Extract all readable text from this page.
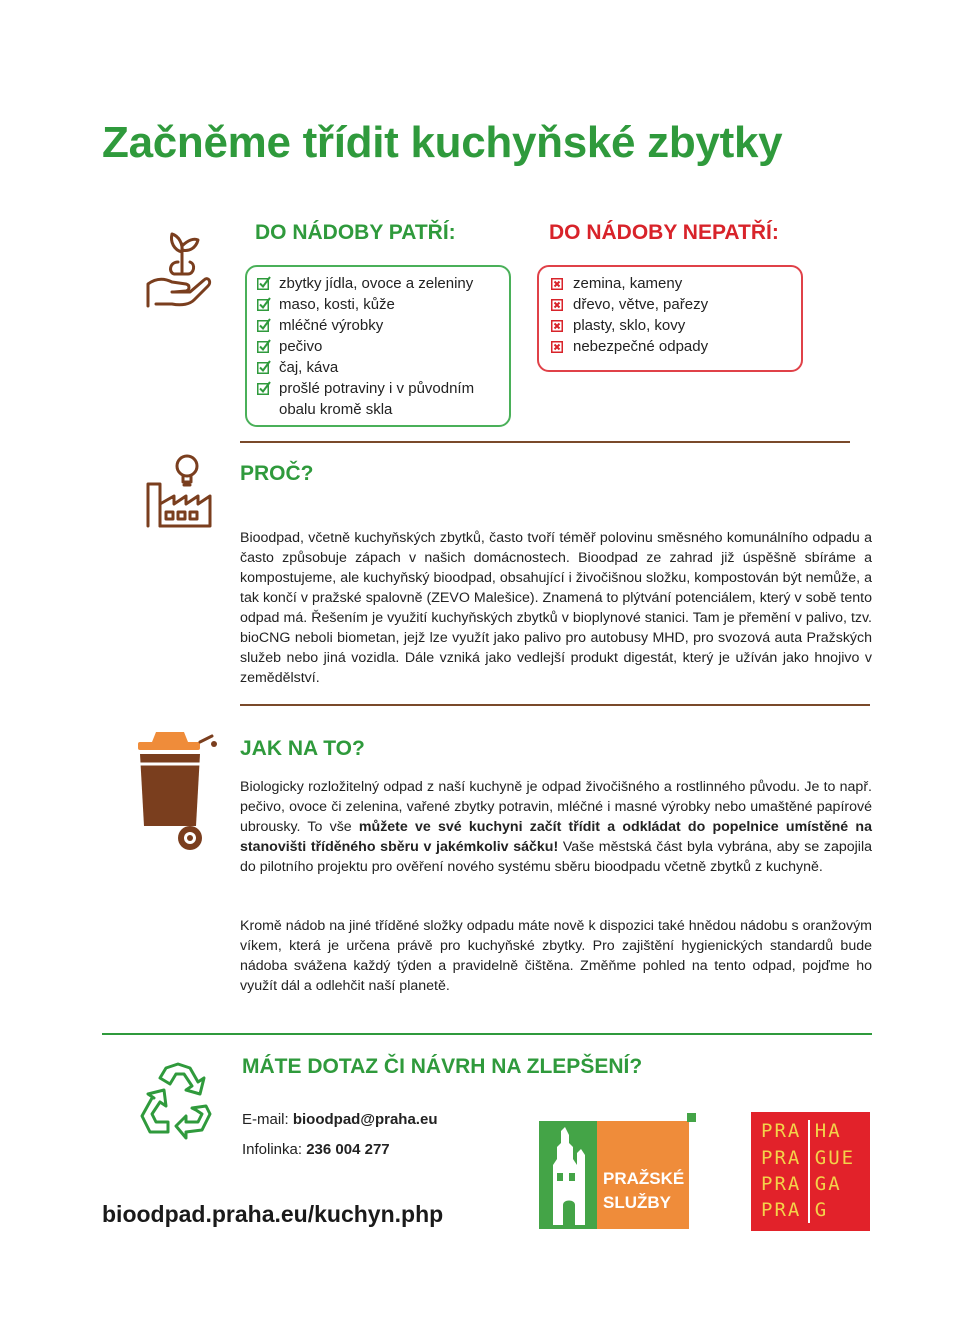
Začněme třídit kuchyňské zbytky
DO NÁDOBY PATŘÍ:	DO NÁDOBY NEPATŘÍ:
zbytky jídla, ovoce a zeleniny
maso, kosti, kůže
mléčné výrobky
pečivo
čaj, káva
prošlé potraviny i v původním
obalu kromě skla
zemina, kameny
dřevo, větve, pařezy
plasty, sklo, kovy
nebezpečné odpady
PROČ?
Bioodpad, včetně kuchyňských zbytků, často tvoří téměř polovinu směsného komunálního odpadu a často způsobuje zápach v našich domácnostech. Bioodpad ze zahrad již úspěšně sbíráme a kompostujeme, ale kuchyňský bioodpad, obsahující i živočišnou složku, kompostován být nemůže, a tak končí v pražské spalovně (ZEVO Malešice). Znamená to plýtvání potenciálem, který v sobě tento odpad má. Řešením je využití kuchyňských zbytků v bioplynové stanici. Tam je přemění v palivo, tzv. bioCNG neboli biometan, jejž lze využít jako palivo pro autobusy MHD, pro svozová auta Pražských služeb nebo jiná vozidla. Dále vzniká jako vedlejší produkt digestát, který je užíván jako hnojivo v zemědělství.
JAK NA TO?
Biologicky rozložitelný odpad z naší kuchyně je odpad živočišného a rostlinného původu. Je to např. pečivo, ovoce či zelenina, vařené zbytky potravin, mléčné i masné výrobky nebo umaštěné papírové ubrousky. To vše můžete ve své kuchyni začít třídit a odkládat do popelnice umístěné na stanovišti tříděného sběru v jakémkoliv sáčku! Vaše městská část byla vybrána, aby se zapojila do pilotního projektu pro ověření nového systému sběru bioodpadu včetně zbytků z kuchyně.
Kromě nádob na jiné tříděné složky odpadu máte nově k dispozici také hnědou nádobu s oranžovým víkem, která je určena právě pro kuchyňské zbytky. Pro zajištění hygienických standardů bude nádoba svážena každý týden a pravidelně čištěna. Změňme pohled na tento odpad, pojďme ho využít dál a odlehčit naší planetě.
MÁTE DOTAZ ČI NÁVRH NA ZLEPŠENÍ?
E-mail: bioodpad@praha.eu
Infolinka: 236 004 277
bioodpad.praha.eu/kuchyn.php
PRAŽSKÉ
SLUŽBY
PRA HA
PRA GUE
PRA GA
PRA G
